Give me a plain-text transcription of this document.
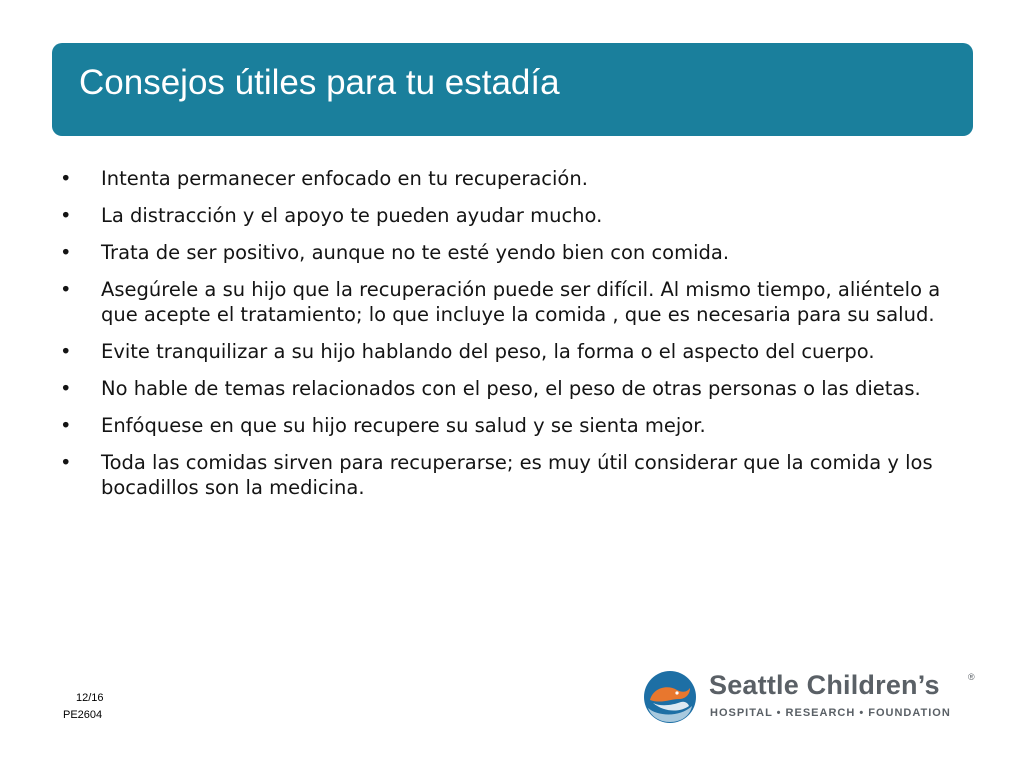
Consejos útiles para tu estadía
•	Intenta permanecer enfocado en tu recuperación.
•	La distracción y el apoyo te pueden ayudar mucho.
•	Trata de ser positivo, aunque no te esté yendo bien con comida.
•	Asegúrele a su hijo que la recuperación puede ser difícil. Al mismo tiempo, aliéntelo a que acepte el tratamiento; lo que incluye la comida , que es necesaria para su salud.
•	Evite tranquilizar a su hijo hablando del peso, la forma o el aspecto del cuerpo.
•	No hable de temas relacionados con el peso, el peso de otras personas o las dietas.
•	Enfóquese en que su hijo recupere su salud y se sienta mejor.
•	Toda las comidas sirven para recuperarse; es muy útil considerar que la comida y los bocadillos son la medicina.
12/16
PE2604
Seattle Children’s	®
HOSPITAL • RESEARCH • FOUNDATION
